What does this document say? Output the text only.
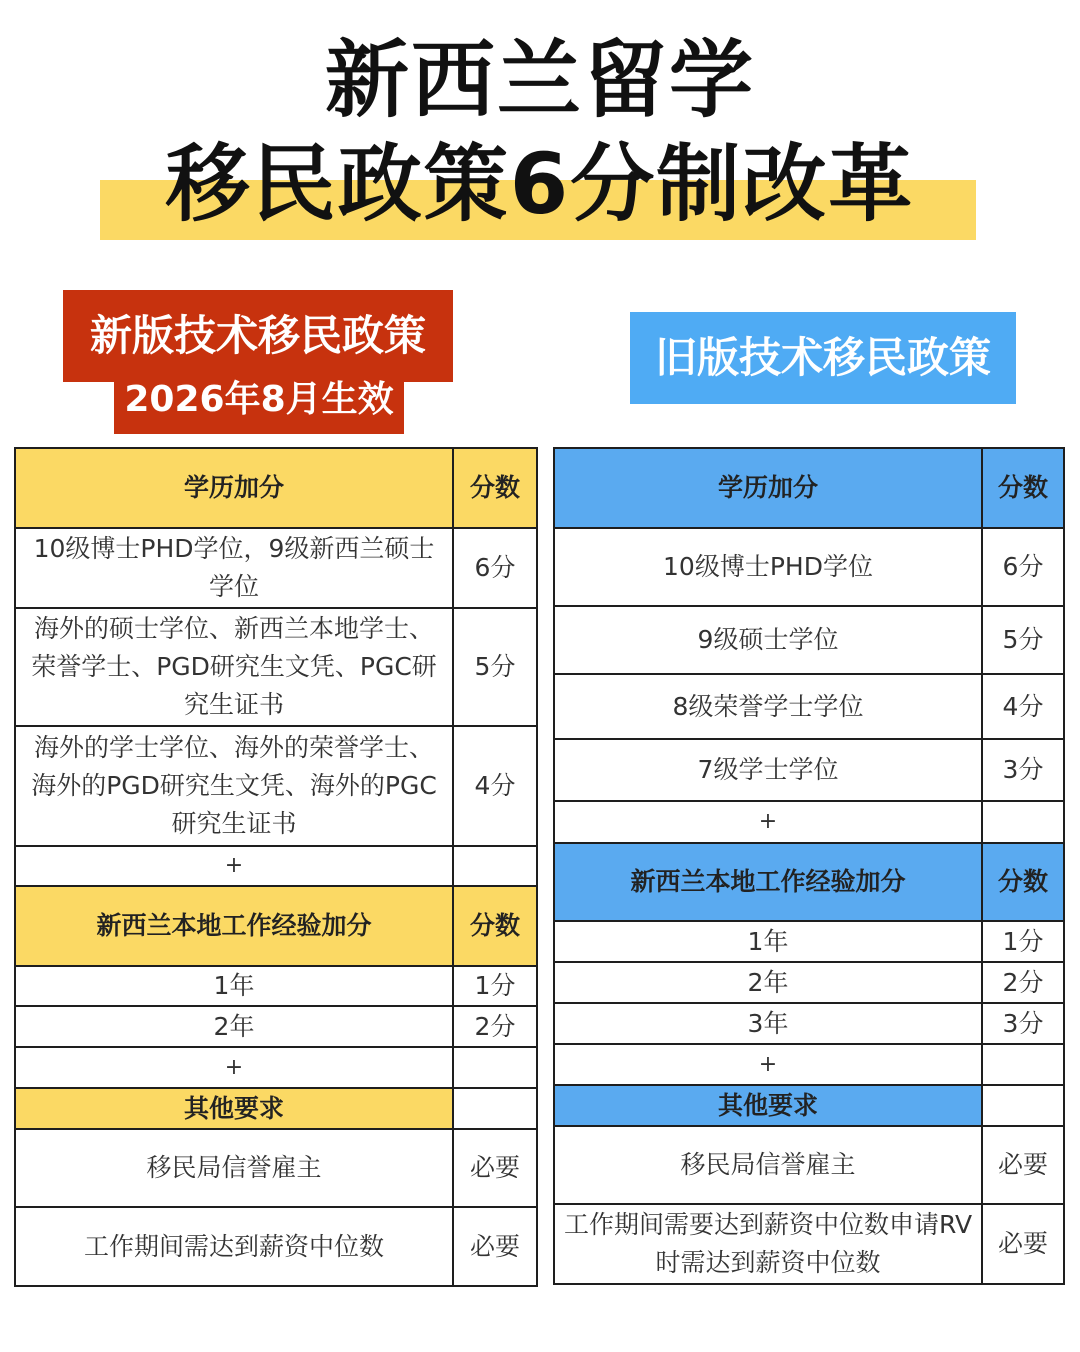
新西兰留学
移民政策6分制改革
新版技术移民政策
2026年8月生效
旧版技术移民政策
学历加分	分数
10级博士PHD学位，9级新西兰硕士学位	6分
海外的硕士学位、新西兰本地学士、荣誉学士、PGD研究生文凭、PGC研究生证书	5分
海外的学士学位、海外的荣誉学士、海外的PGD研究生文凭、海外的PGC研究生证书	4分
+	
新西兰本地工作经验加分	分数
1年	1分
2年	2分
+	
其他要求	
移民局信誉雇主	必要
工作期间需达到薪资中位数	必要
学历加分	分数
10级博士PHD学位	6分
9级硕士学位	5分
8级荣誉学士学位	4分
7级学士学位	3分
+	
新西兰本地工作经验加分	分数
1年	1分
2年	2分
3年	3分
+	
其他要求	
移民局信誉雇主	必要
工作期间需要达到薪资中位数申请RV时需达到薪资中位数	必要
